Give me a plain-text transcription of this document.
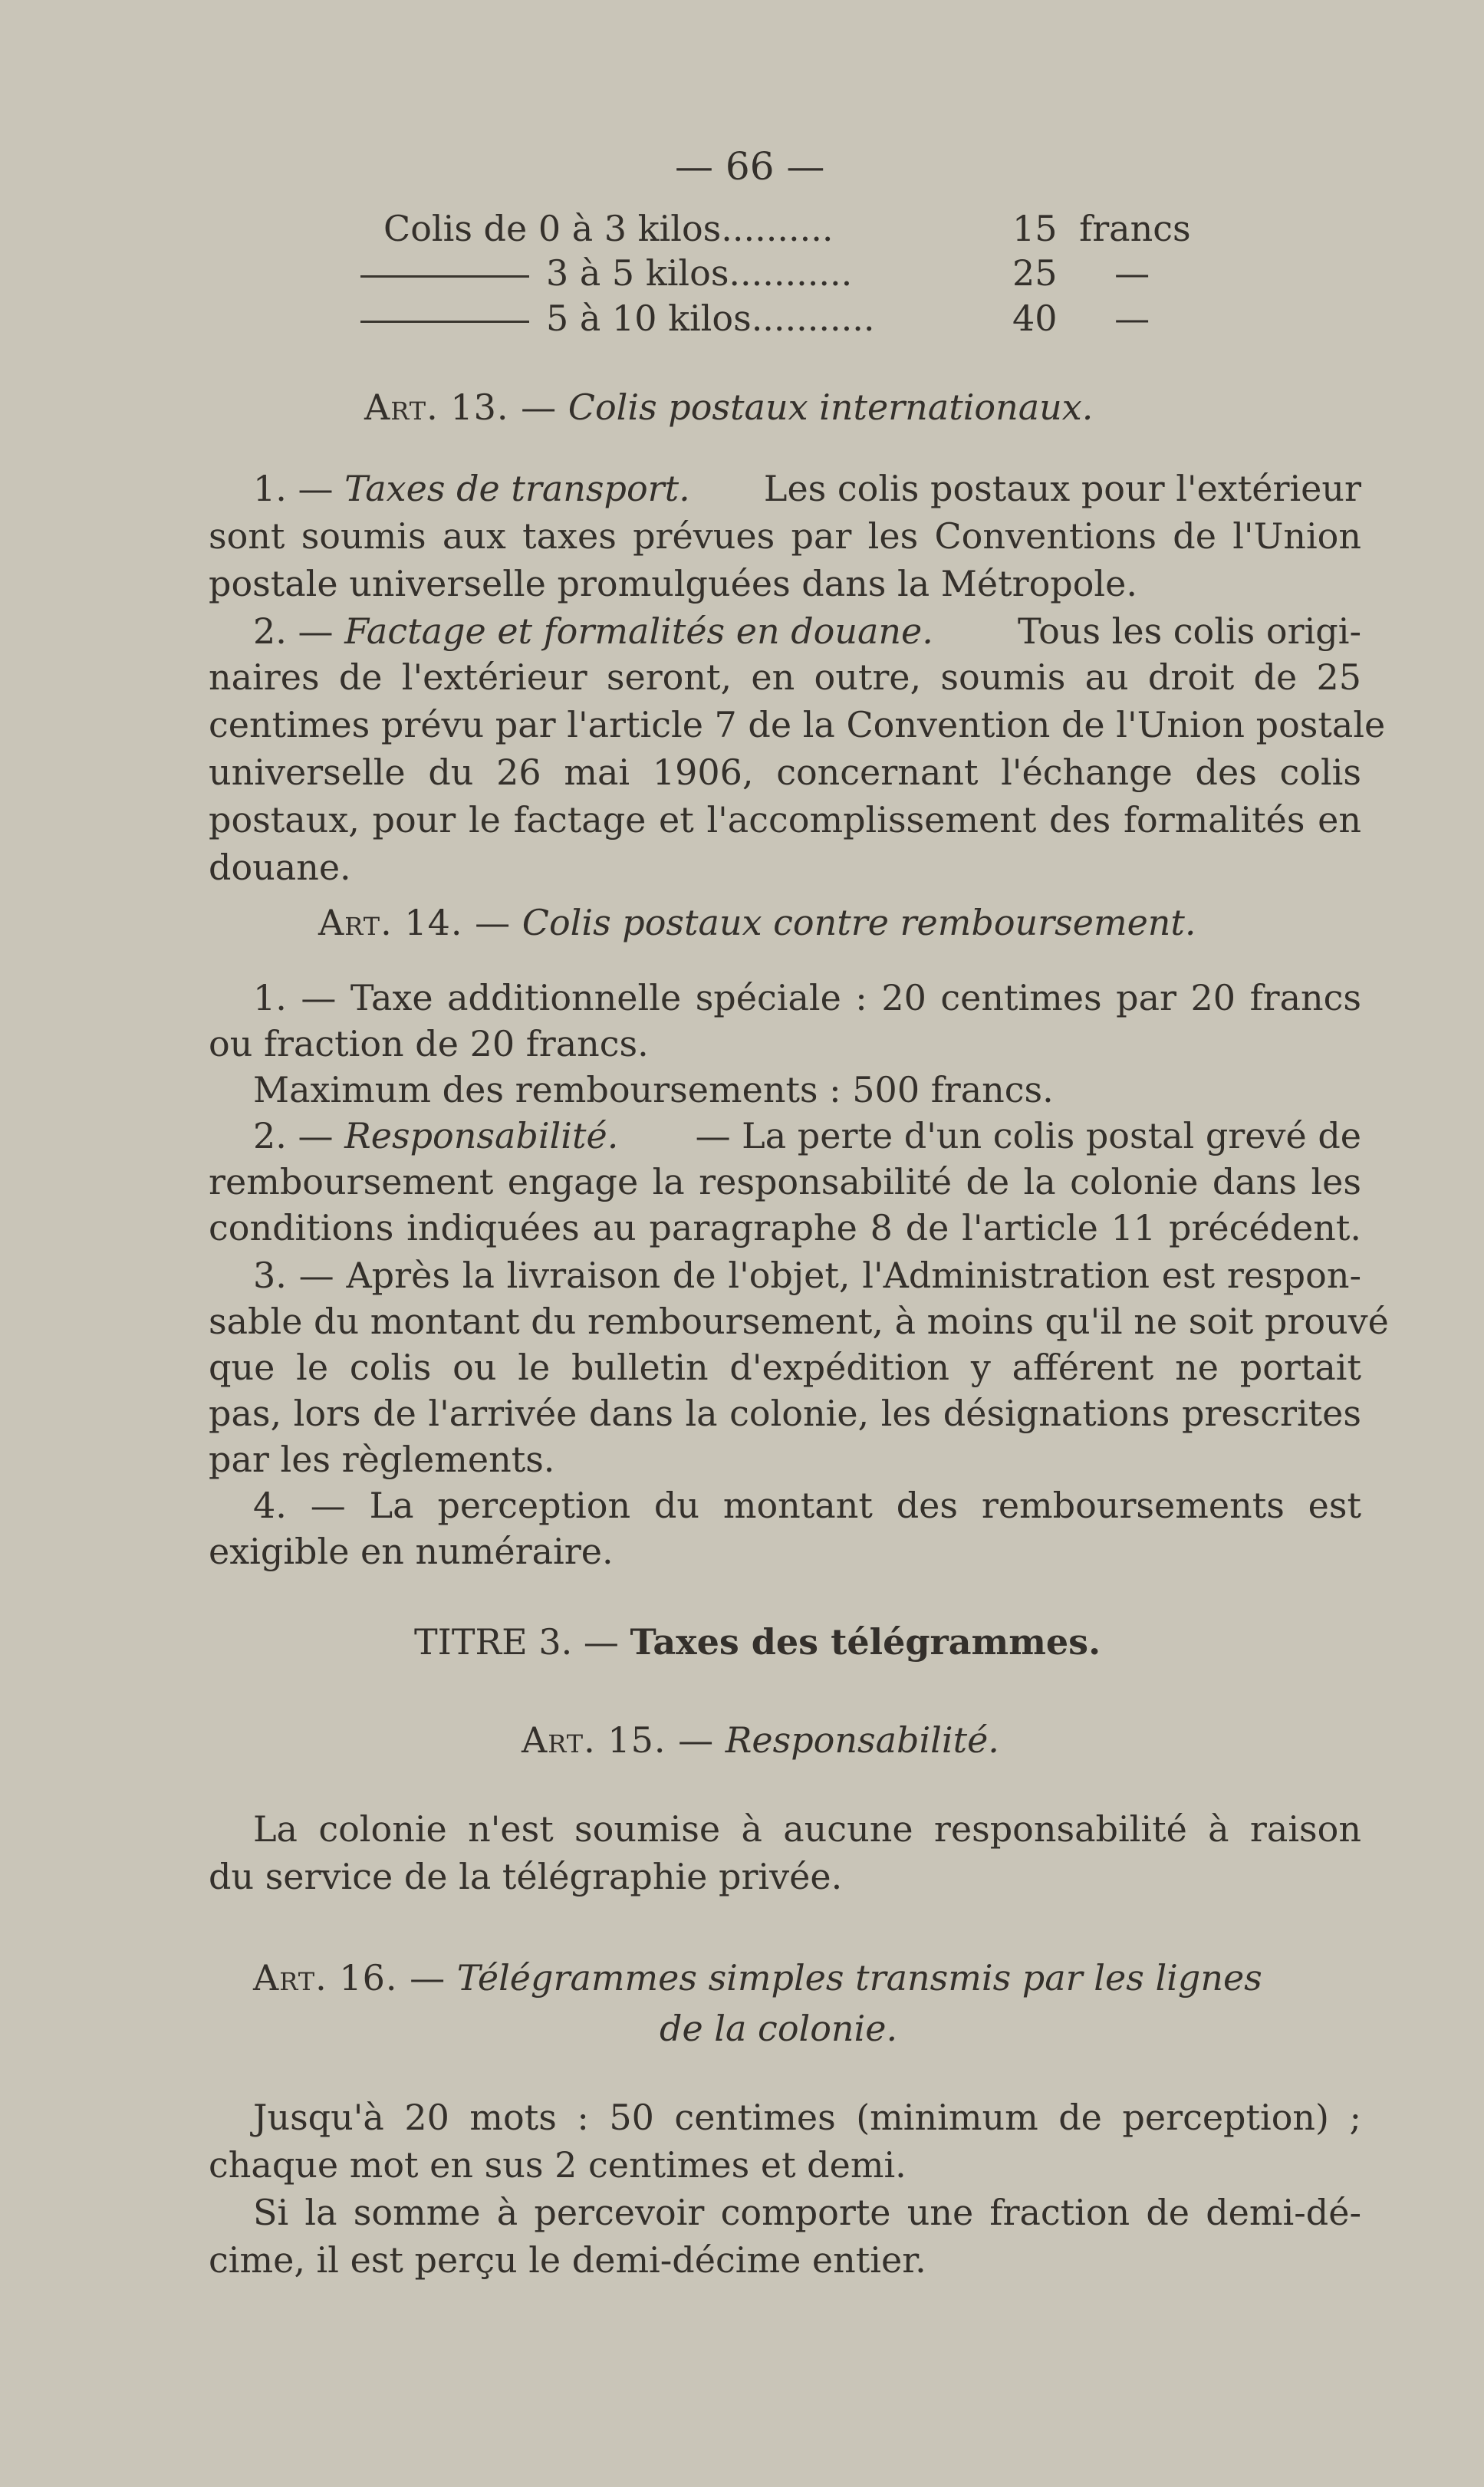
— 66 —
Colis de 0 à 3 kilos..........	15 francs
3 à 5 kilos...........	25 —
5 à 10 kilos...........	40 —
Art. 13. — Colis postaux internationaux.
1. — Taxes de transport. Les colis postaux pour l'extérieur
sont soumis aux taxes prévues par les Conventions de l'Union
postale universelle promulguées dans la Métropole.
2. — Factage et formalités en douane. Tous les colis origi-
naires de l'extérieur seront, en outre, soumis au droit de 25
centimes prévu par l'article 7 de la Convention de l'Union postale
universelle du 26 mai 1906, concernant l'échange des colis
postaux, pour le factage et l'accomplissement des formalités en
douane.
Art. 14. — Colis postaux contre remboursement.
1. — Taxe additionnelle spéciale : 20 centimes par 20 francs
ou fraction de 20 francs.
Maximum des remboursements : 500 francs.
2. — Responsabilité. — La perte d'un colis postal grevé de
remboursement engage la responsabilité de la colonie dans les
conditions indiquées au paragraphe 8 de l'article 11 précédent.
3. — Après la livraison de l'objet, l'Administration est respon-
sable du montant du remboursement, à moins qu'il ne soit prouvé
que le colis ou le bulletin d'expédition y afférent ne portait
pas, lors de l'arrivée dans la colonie, les désignations prescrites
par les règlements.
4. — La perception du montant des remboursements est
exigible en numéraire.
TITRE 3. — Taxes des télégrammes.
Art. 15. — Responsabilité.
La colonie n'est soumise à aucune responsabilité à raison
du service de la télégraphie privée.
Art. 16. — Télégrammes simples transmis par les lignes
de la colonie.
Jusqu'à 20 mots : 50 centimes (minimum de perception) ;
chaque mot en sus 2 centimes et demi.
Si la somme à percevoir comporte une fraction de demi-dé-
cime, il est perçu le demi-décime entier.
